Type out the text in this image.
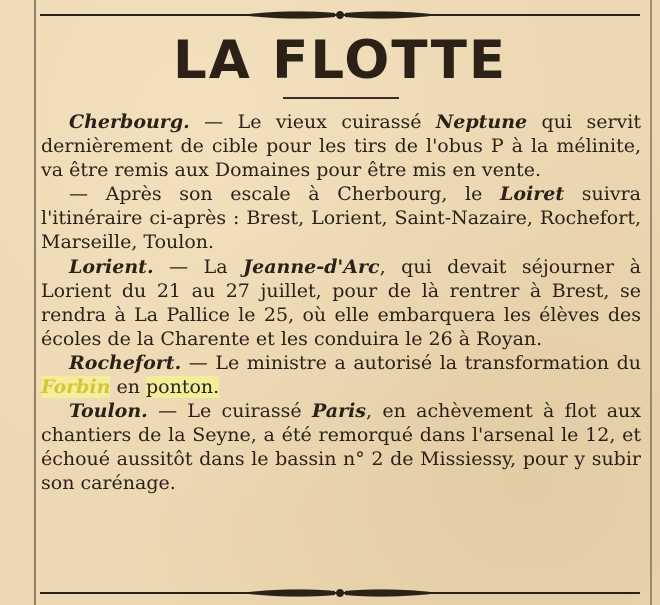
LA FLOTTE

Cherbourg. — Le vieux cuirassé Neptune qui servit dernièrement de cible pour les tirs de l'obus P à la mélinite, va être remis aux Domaines pour être mis en vente.

— Après son escale à Cherbourg, le Loiret suivra l'itinéraire ci-après : Brest, Lorient, Saint-Nazaire, Rochefort, Marseille, Toulon.

Lorient. — La Jeanne-d'Arc, qui devait séjourner à Lorient du 21 au 27 juillet, pour de là rentrer à Brest, se rendra à La Pallice le 25, où elle embarquera les élèves des écoles de la Charente et les conduira le 26 à Royan.

Rochefort. — Le ministre a autorisé la transformation du Forbin en ponton.

Toulon. — Le cuirassé Paris, en achèvement à flot aux chantiers de la Seyne, a été remorqué dans l'arsenal le 12, et échoué aussitôt dans le bassin n° 2 de Missiessy, pour y subir son carénage.
